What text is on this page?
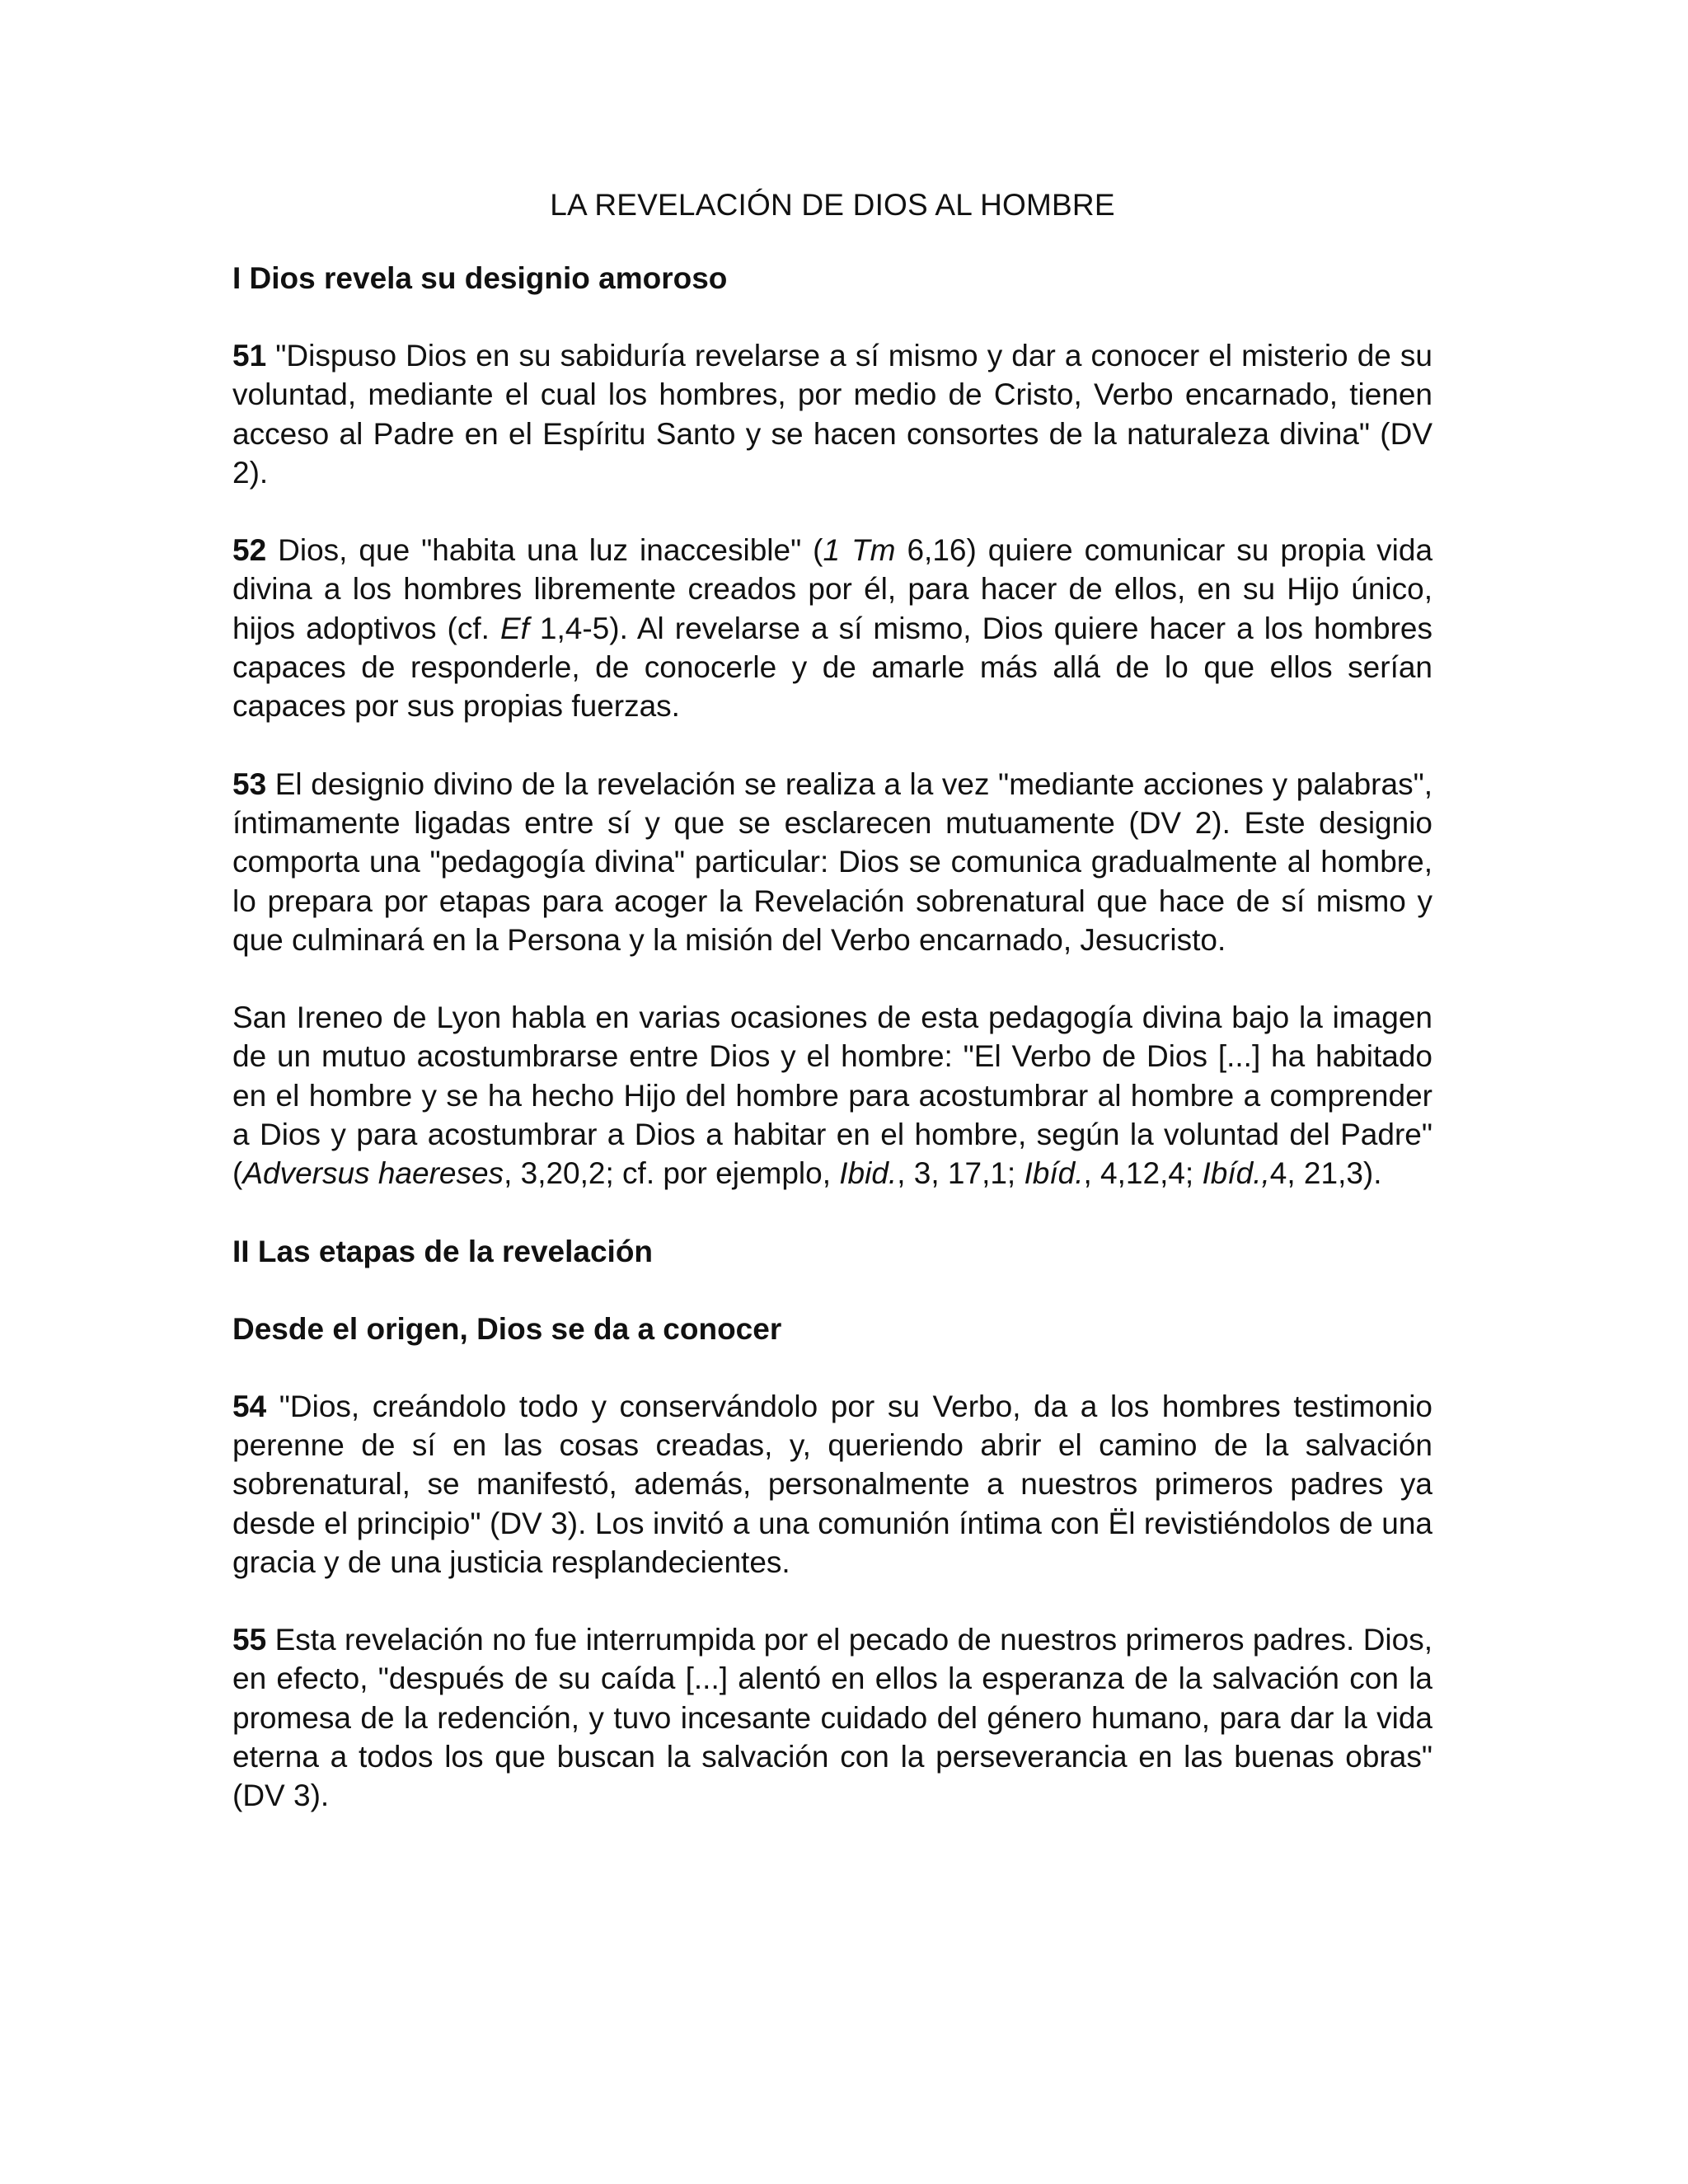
LA REVELACIÓN DE DIOS AL HOMBRE
I Dios revela su designio amoroso

51 "Dispuso Dios en su sabiduría revelarse a sí mismo y dar a conocer el misterio de su voluntad, mediante el cual los hombres, por medio de Cristo, Verbo encarnado, tienen acceso al Padre en el Espíritu Santo y se hacen consortes de la naturaleza divina" (DV 2).

52 Dios, que "habita una luz inaccesible" (1 Tm 6,16) quiere comunicar su propia vida divina a los hombres libremente creados por él, para hacer de ellos, en su Hijo único, hijos adoptivos (cf. Ef 1,4-5). Al revelarse a sí mismo, Dios quiere hacer a los hombres capaces de responderle, de conocerle y de amarle más allá de lo que ellos serían capaces por sus propias fuerzas.

53 El designio divino de la revelación se realiza a la vez "mediante acciones y palabras", íntimamente ligadas entre sí y que se esclarecen mutuamente (DV 2). Este designio comporta una "pedagogía divina" particular: Dios se comunica gradualmente al hombre, lo prepara por etapas para acoger la Revelación sobrenatural que hace de sí mismo y que culminará en la Persona y la misión del Verbo encarnado, Jesucristo.

San Ireneo de Lyon habla en varias ocasiones de esta pedagogía divina bajo la imagen de un mutuo acostumbrarse entre Dios y el hombre: "El Verbo de Dios [...] ha habitado en el hombre y se ha hecho Hijo del hombre para acostumbrar al hombre a comprender a Dios y para acostumbrar a Dios a habitar en el hombre, según la voluntad del Padre" (Adversus haereses, 3,20,2; cf. por ejemplo, Ibid., 3, 17,1; Ibíd., 4,12,4; Ibíd.,4, 21,3).

II Las etapas de la revelación
Desde el origen, Dios se da a conocer

54 "Dios, creándolo todo y conservándolo por su Verbo, da a los hombres testimonio perenne de sí en las cosas creadas, y, queriendo abrir el camino de la salvación sobrenatural, se manifestó, además, personalmente a nuestros primeros padres ya desde el principio" (DV 3). Los invitó a una comunión íntima con Ël revistiéndolos de una gracia y de una justicia resplandecientes.

55 Esta revelación no fue interrumpida por el pecado de nuestros primeros padres. Dios, en efecto, "después de su caída [...] alentó en ellos la esperanza de la salvación con la promesa de la redención, y tuvo incesante cuidado del género humano, para dar la vida eterna a todos los que buscan la salvación con la perseverancia en las buenas obras" (DV 3).
